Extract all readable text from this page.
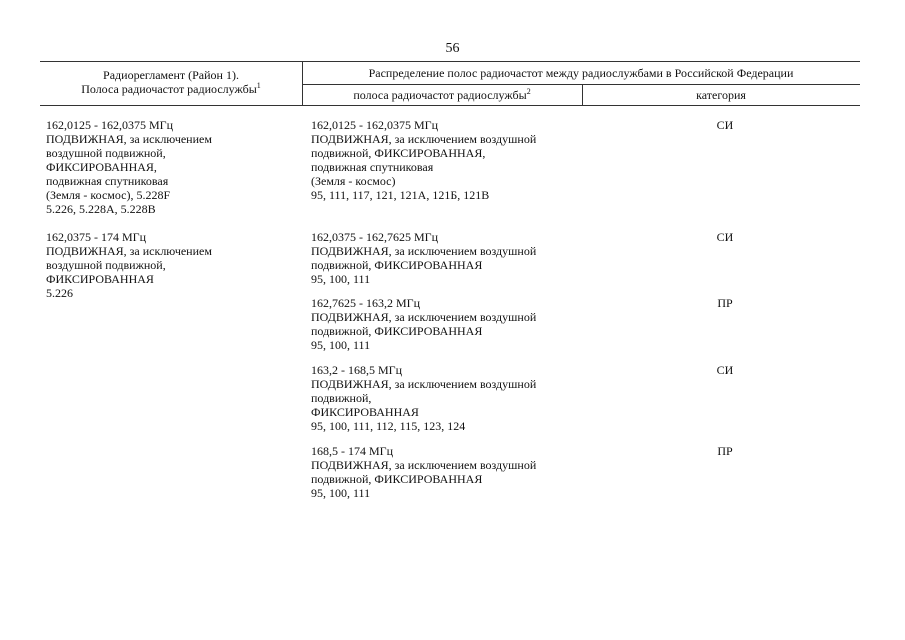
56
Радиорегламент (Район 1).
Полоса радиочастот радиослужбы$^1$
Распределение полос радиочастот между радиослужбами в Российской Федерации
полоса радиочастот радиослужбы$^2$	категория
162,0125 - 162,0375 МГц
ПОДВИЖНАЯ, за исключением
воздушной подвижной,
ФИКСИРОВАННАЯ,
подвижная спутниковая
(Земля - космос), 5.228F
5.226, 5.228A, 5.228B
162,0375 - 174 МГц
ПОДВИЖНАЯ, за исключением
воздушной подвижной,
ФИКСИРОВАННАЯ
5.226
162,0125 - 162,0375 МГц
ПОДВИЖНАЯ, за исключением воздушной
подвижной, ФИКСИРОВАННАЯ,
подвижная спутниковая
(Земля - космос)
95, 111, 117, 121, 121А, 121Б, 121В
СИ
162,0375 - 162,7625 МГц
ПОДВИЖНАЯ, за исключением воздушной
подвижной, ФИКСИРОВАННАЯ
95, 100, 111
СИ
162,7625 - 163,2 МГц
ПОДВИЖНАЯ, за исключением воздушной
подвижной, ФИКСИРОВАННАЯ
95, 100, 111
ПР
163,2 - 168,5 МГц
ПОДВИЖНАЯ, за исключением воздушной
подвижной,
ФИКСИРОВАННАЯ
95, 100, 111, 112, 115, 123, 124
СИ
168,5 - 174 МГц
ПОДВИЖНАЯ, за исключением воздушной
подвижной, ФИКСИРОВАННАЯ
95, 100, 111
ПР
